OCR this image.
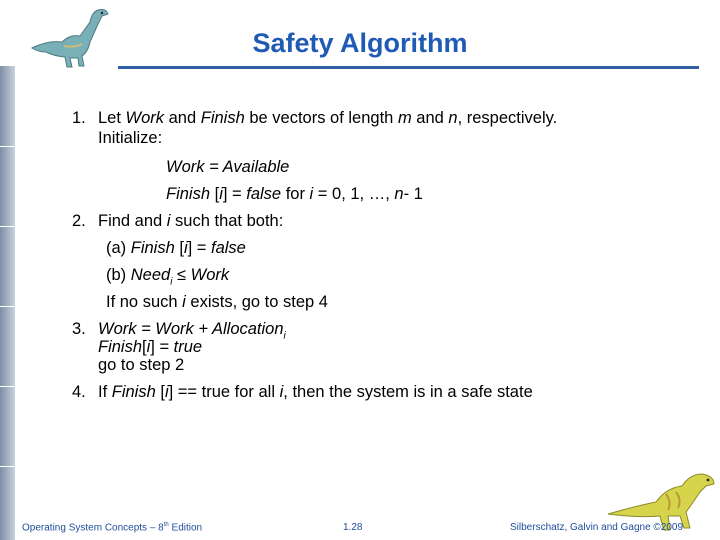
Safety Algorithm
1. Let Work and Finish be vectors of length m and n, respectively.
Initialize:
Work = Available
Finish [i] = false for i = 0, 1, …, n- 1
2. Find and i such that both:
(a) Finish [i] = false
(b) Need$_i$ ≤ Work
If no such i exists, go to step 4
3. Work = Work + Allocation$_i$
Finish[i] = true
go to step 2
4. If Finish [i] == true for all i, then the system is in a safe state
Operating System Concepts – 8th Edition	1.28	Silberschatz, Galvin and Gagne ©2009
